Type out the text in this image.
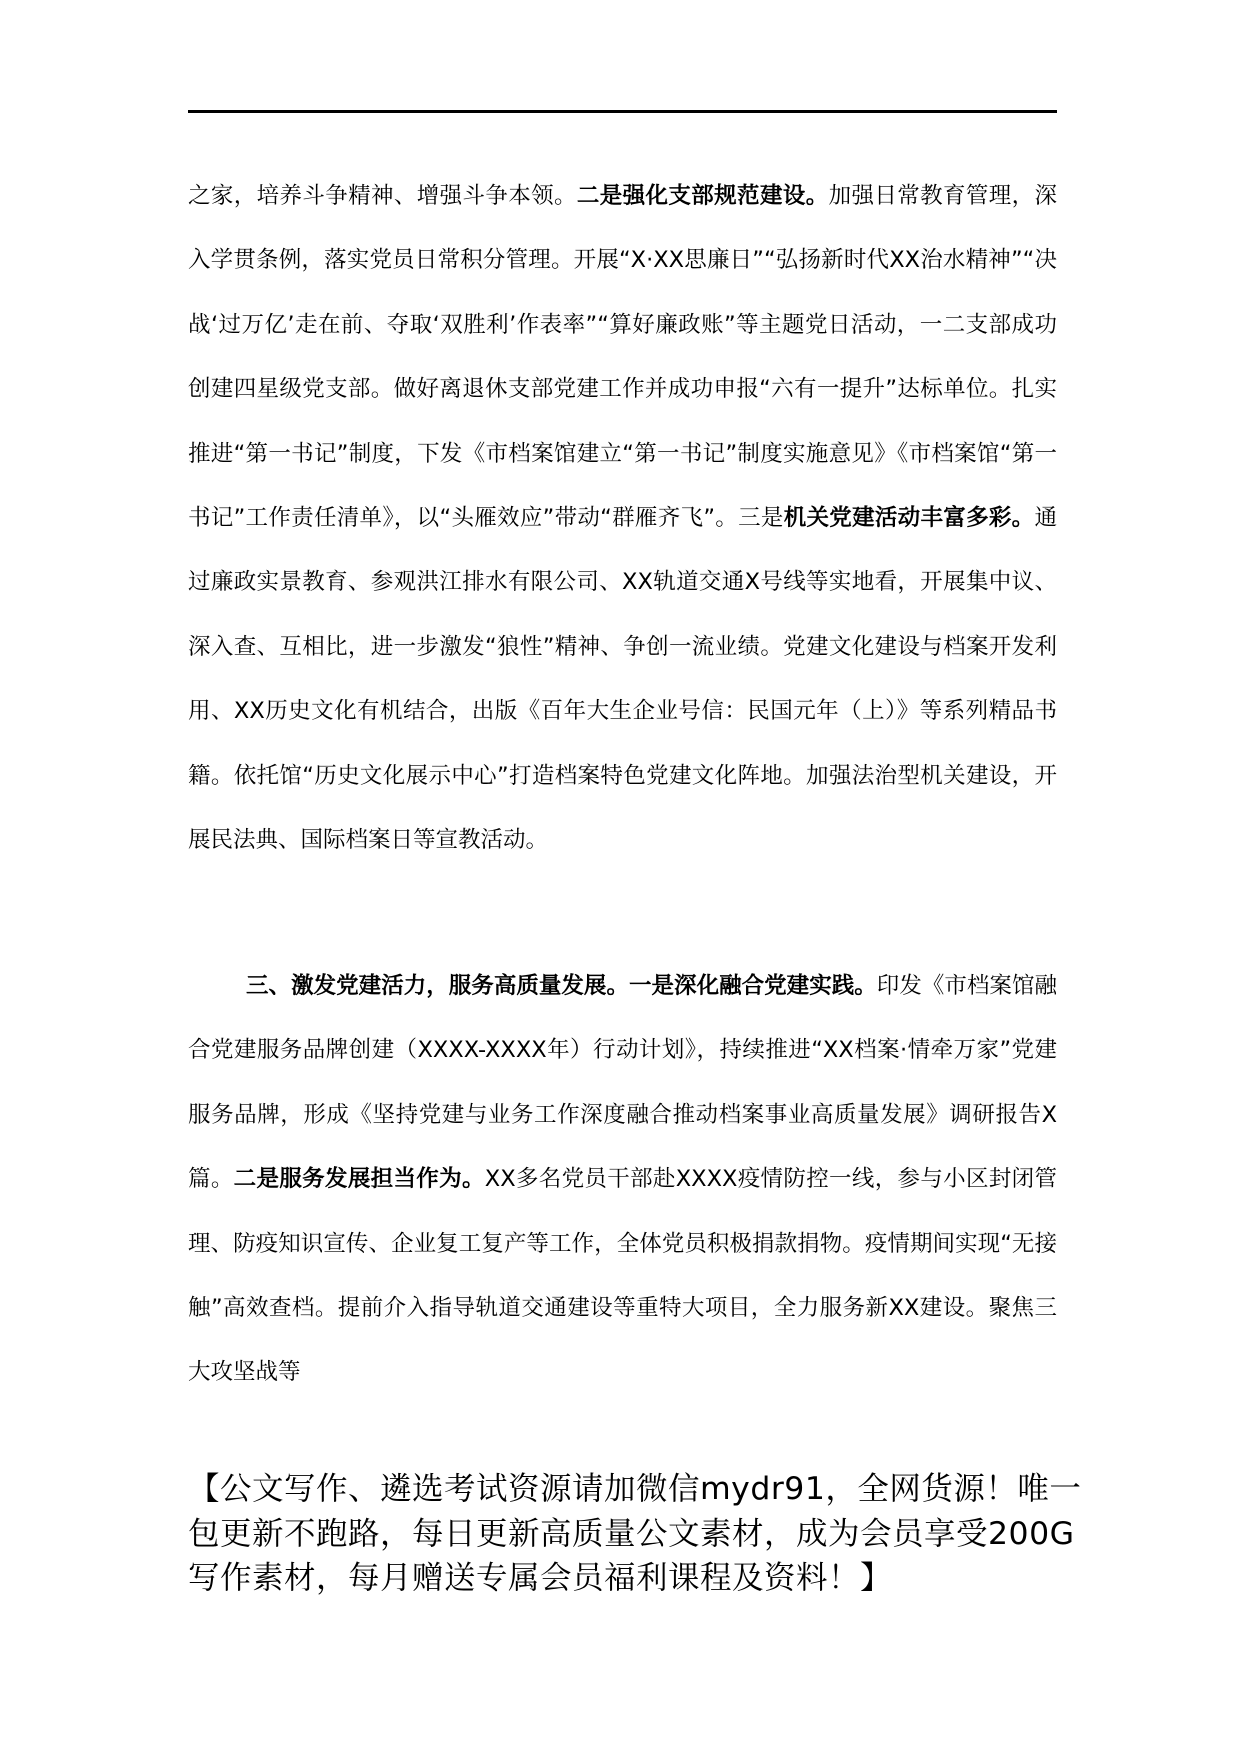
之家，培养斗争精神、增强斗争本领。二是强化支部规范建设。加强日常教育管理，深入学贯条例，落实党员日常积分管理。开展“X·XX思廉日”“弘扬新时代XX治水精神”“决战‘过万亿’走在前、夺取‘双胜利’作表率”“算好廉政账”等主题党日活动，一二支部成功创建四星级党支部。做好离退休支部党建工作并成功申报“六有一提升”达标单位。扎实推进“第一书记”制度，下发《市档案馆建立“第一书记”制度实施意见》《市档案馆“第一书记”工作责任清单》，以“头雁效应”带动“群雁齐飞”。三是机关党建活动丰富多彩。通过廉政实景教育、参观洪江排水有限公司、XX轨道交通X号线等实地看，开展集中议、深入查、互相比，进一步激发“狼性”精神、争创一流业绩。党建文化建设与档案开发利用、XX历史文化有机结合，出版《百年大生企业号信：民国元年（上）》等系列精品书籍。依托馆“历史文化展示中心”打造档案特色党建文化阵地。加强法治型机关建设，开展民法典、国际档案日等宣教活动。

三、激发党建活力，服务高质量发展。一是深化融合党建实践。印发《市档案馆融合党建服务品牌创建（XXXX-XXXX年）行动计划》，持续推进“XX档案·情牵万家”党建服务品牌，形成《坚持党建与业务工作深度融合推动档案事业高质量发展》调研报告X篇。二是服务发展担当作为。XX多名党员干部赴XXXX疫情防控一线，参与小区封闭管理、防疫知识宣传、企业复工复产等工作，全体党员积极捐款捐物。疫情期间实现“无接触”高效查档。提前介入指导轨道交通建设等重特大项目，全力服务新XX建设。聚焦三大攻坚战等

【公文写作、遴选考试资源请加微信mydr91，全网货源！唯一包更新不跑路，每日更新高质量公文素材，成为会员享受200G写作素材，每月赠送专属会员福利课程及资料！】
